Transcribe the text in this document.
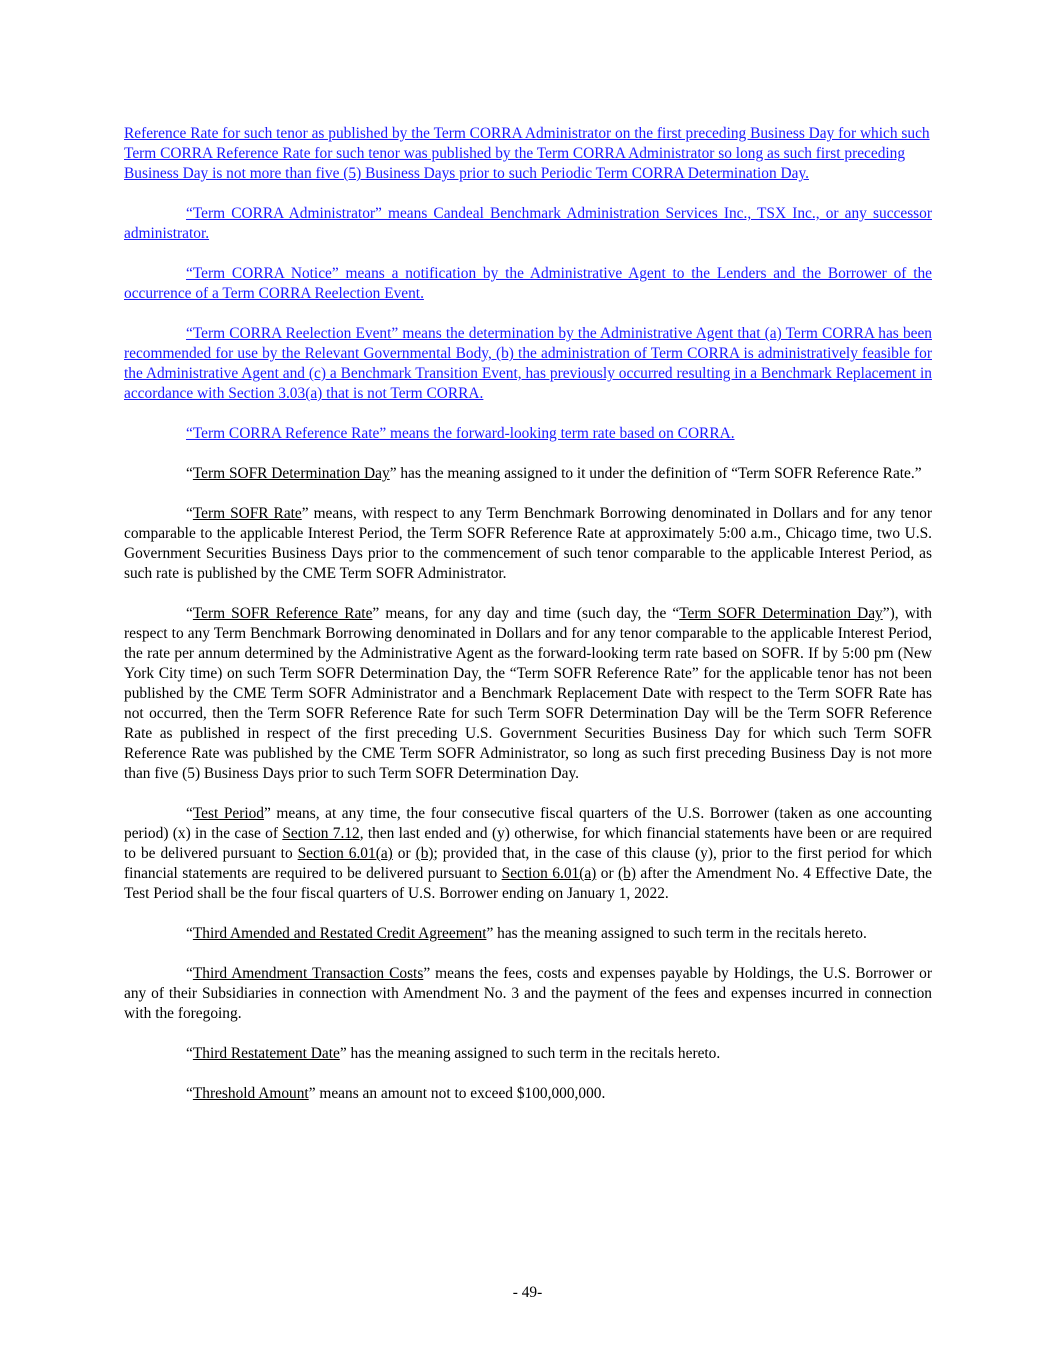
Reference Rate for such tenor as published by the Term CORRA Administrator on the first preceding Business Day for which such Term CORRA Reference Rate for such tenor was published by the Term CORRA Administrator so long as such first preceding Business Day is not more than five (5) Business Days prior to such Periodic Term CORRA Determination Day.

“Term CORRA Administrator” means Candeal Benchmark Administration Services Inc., TSX Inc., or any successor administrator.

“Term CORRA Notice” means a notification by the Administrative Agent to the Lenders and the Borrower of the occurrence of a Term CORRA Reelection Event.

“Term CORRA Reelection Event” means the determination by the Administrative Agent that (a) Term CORRA has been recommended for use by the Relevant Governmental Body, (b) the administration of Term CORRA is administratively feasible for the Administrative Agent and (c) a Benchmark Transition Event, has previously occurred resulting in a Benchmark Replacement in accordance with Section 3.03(a) that is not Term CORRA.

“Term CORRA Reference Rate” means the forward-looking term rate based on CORRA.

“Term SOFR Determination Day” has the meaning assigned to it under the definition of “Term SOFR Reference Rate.”

“Term SOFR Rate” means, with respect to any Term Benchmark Borrowing denominated in Dollars and for any tenor comparable to the applicable Interest Period, the Term SOFR Reference Rate at approximately 5:00 a.m., Chicago time, two U.S. Government Securities Business Days prior to the commencement of such tenor comparable to the applicable Interest Period, as such rate is published by the CME Term SOFR Administrator.

“Term SOFR Reference Rate” means, for any day and time (such day, the “Term SOFR Determination Day”), with respect to any Term Benchmark Borrowing denominated in Dollars and for any tenor comparable to the applicable Interest Period, the rate per annum determined by the Administrative Agent as the forward-looking term rate based on SOFR. If by 5:00 pm (New York City time) on such Term SOFR Determination Day, the “Term SOFR Reference Rate” for the applicable tenor has not been published by the CME Term SOFR Administrator and a Benchmark Replacement Date with respect to the Term SOFR Rate has not occurred, then the Term SOFR Reference Rate for such Term SOFR Determination Day will be the Term SOFR Reference Rate as published in respect of the first preceding U.S. Government Securities Business Day for which such Term SOFR Reference Rate was published by the CME Term SOFR Administrator, so long as such first preceding Business Day is not more than five (5) Business Days prior to such Term SOFR Determination Day.

“Test Period” means, at any time, the four consecutive fiscal quarters of the U.S. Borrower (taken as one accounting period) (x) in the case of Section 7.12, then last ended and (y) otherwise, for which financial statements have been or are required to be delivered pursuant to Section 6.01(a) or (b); provided that, in the case of this clause (y), prior to the first period for which financial statements are required to be delivered pursuant to Section 6.01(a) or (b) after the Amendment No. 4 Effective Date, the Test Period shall be the four fiscal quarters of U.S. Borrower ending on January 1, 2022.

“Third Amended and Restated Credit Agreement” has the meaning assigned to such term in the recitals hereto.

“Third Amendment Transaction Costs” means the fees, costs and expenses payable by Holdings, the U.S. Borrower or any of their Subsidiaries in connection with Amendment No. 3 and the payment of the fees and expenses incurred in connection with the foregoing.

“Third Restatement Date” has the meaning assigned to such term in the recitals hereto.

“Threshold Amount” means an amount not to exceed $100,000,000.

- 49-
